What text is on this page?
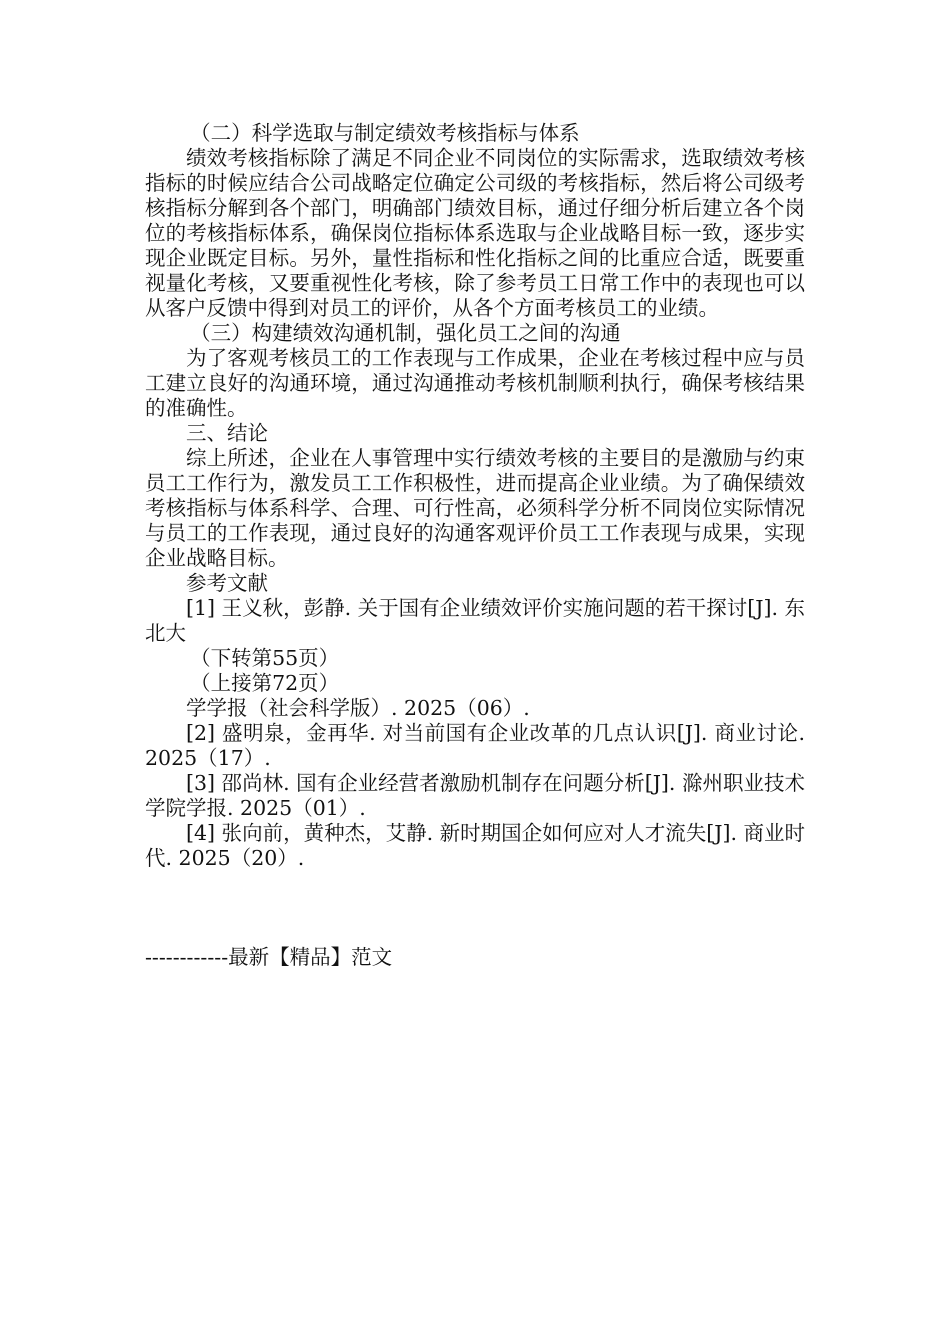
（二）科学选取与制定绩效考核指标与体系

绩效考核指标除了满足不同企业不同岗位的实际需求，选取绩效考核指标的时候应结合公司战略定位确定公司级的考核指标，然后将公司级考核指标分解到各个部门，明确部门绩效目标，通过仔细分析后建立各个岗位的考核指标体系，确保岗位指标体系选取与企业战略目标一致，逐步实现企业既定目标。另外，量性指标和性化指标之间的比重应合适，既要重视量化考核，又要重视性化考核，除了参考员工日常工作中的表现也可以从客户反馈中得到对员工的评价，从各个方面考核员工的业绩。

（三）构建绩效沟通机制，强化员工之间的沟通

为了客观考核员工的工作表现与工作成果，企业在考核过程中应与员工建立良好的沟通环境，通过沟通推动考核机制顺利执行，确保考核结果的准确性。

三、结论

综上所述，企业在人事管理中实行绩效考核的主要目的是激励与约束员工工作行为，激发员工工作积极性，进而提高企业业绩。为了确保绩效考核指标与体系科学、合理、可行性高，必须科学分析不同岗位实际情况与员工的工作表现，通过良好的沟通客观评价员工工作表现与成果，实现企业战略目标。

参考文献

[1] 王义秋，彭静. 关于国有企业绩效评价实施问题的若干探讨[J]. 东北大

（下转第55页）

（上接第72页）

学学报（社会科学版）. 2025（06）.

[2] 盛明泉，金再华. 对当前国有企业改革的几点认识[J]. 商业讨论. 2025（17）.

[3] 邵尚林. 国有企业经营者激励机制存在问题分析[J]. 滁州职业技术学院学报. 2025（01）.

[4] 张向前，黄种杰，艾静. 新时期国企如何应对人才流失[J]. 商业时代. 2025（20）.

------------最新【精品】范文
